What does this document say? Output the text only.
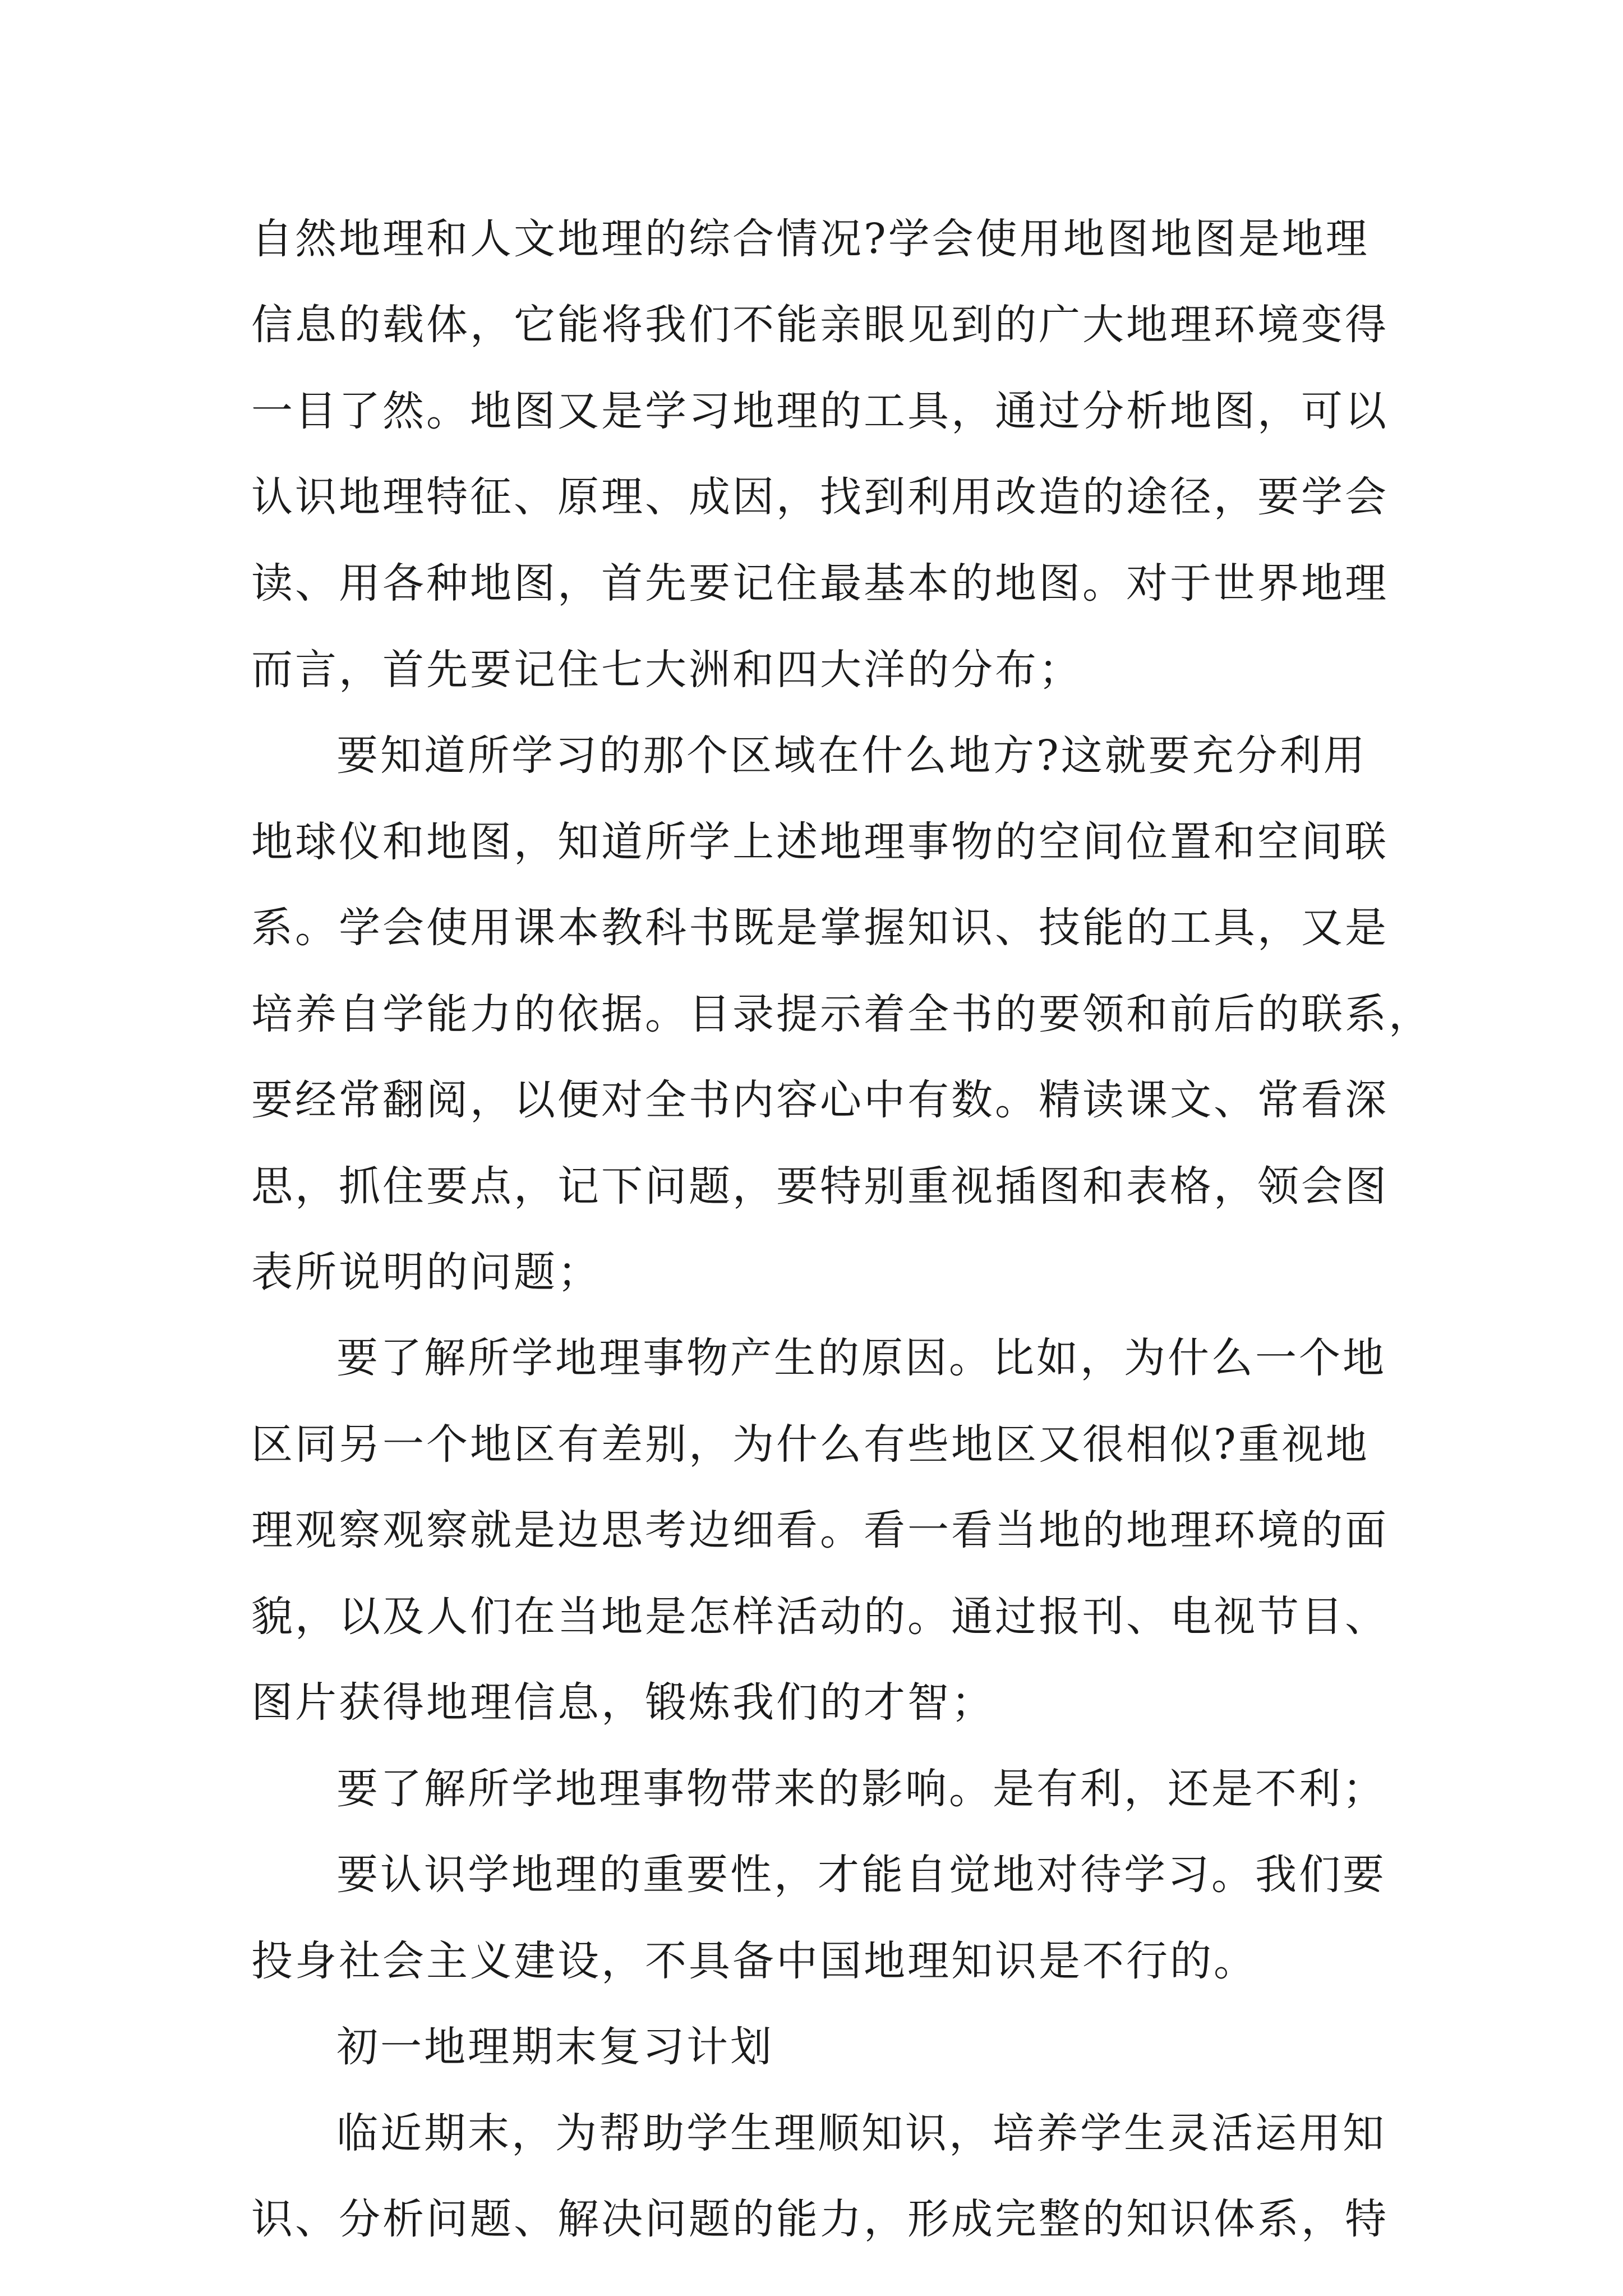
自然地理和人文地理的综合情况?学会使用地图地图是地理
信息的载体，它能将我们不能亲眼见到的广大地理环境变得
一目了然。地图又是学习地理的工具，通过分析地图，可以
认识地理特征、原理、成因，找到利用改造的途径，要学会
读、用各种地图，首先要记住最基本的地图。对于世界地理
而言，首先要记住七大洲和四大洋的分布；
要知道所学习的那个区域在什么地方?这就要充分利用
地球仪和地图，知道所学上述地理事物的空间位置和空间联
系。学会使用课本教科书既是掌握知识、技能的工具，又是
培养自学能力的依据。目录提示着全书的要领和前后的联系，
要经常翻阅，以便对全书内容心中有数。精读课文、常看深
思，抓住要点，记下问题，要特别重视插图和表格，领会图
表所说明的问题；
要了解所学地理事物产生的原因。比如，为什么一个地
区同另一个地区有差别，为什么有些地区又很相似?重视地
理观察观察就是边思考边细看。看一看当地的地理环境的面
貌，以及人们在当地是怎样活动的。通过报刊、电视节目、
图片获得地理信息，锻炼我们的才智；
要了解所学地理事物带来的影响。是有利，还是不利；
要认识学地理的重要性，才能自觉地对待学习。我们要
投身社会主义建设，不具备中国地理知识是不行的。
初一地理期末复习计划
临近期末，为帮助学生理顺知识，培养学生灵活运用知
识、分析问题、解决问题的能力，形成完整的知识体系，特
